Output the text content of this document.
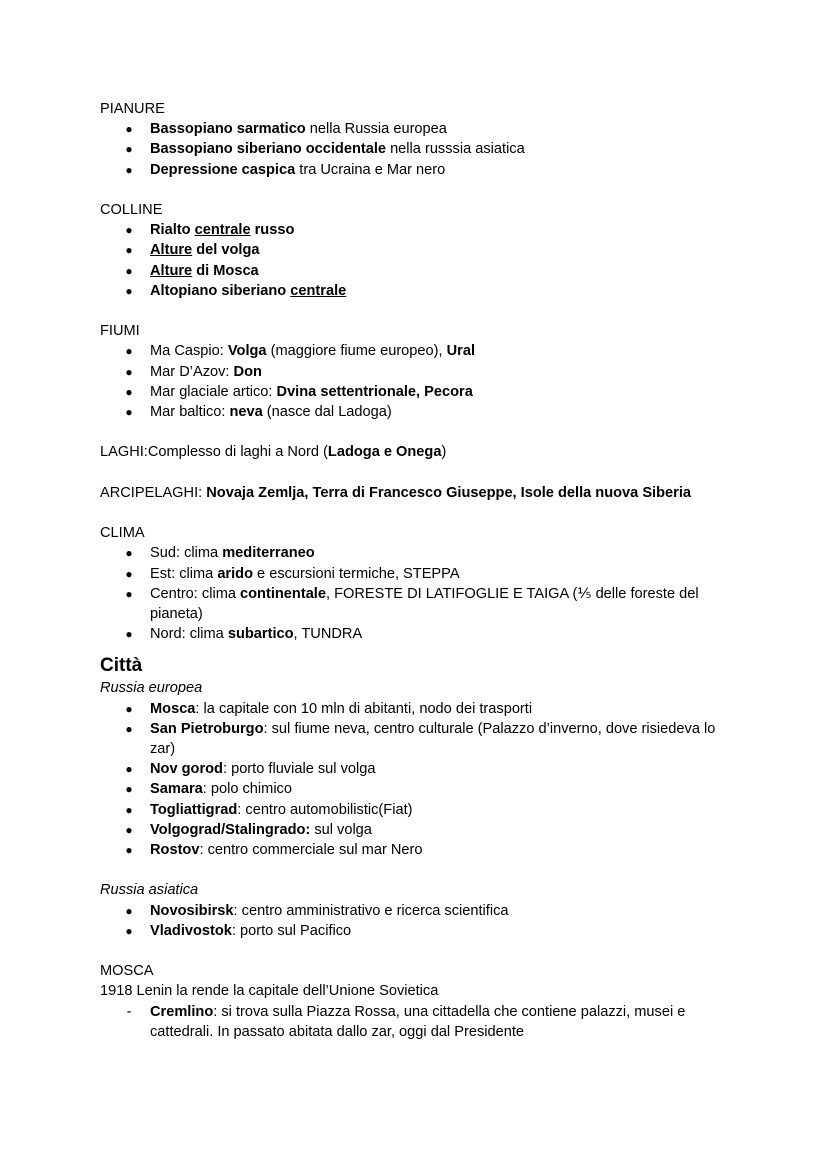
PIANURE

● Bassopiano sarmatico nella Russia europea
● Bassopiano siberiano occidentale nella russsia asiatica
● Depressione caspica tra Ucraina e Mar nero

COLLINE

● Rialto centrale russo
● Alture del volga
● Alture di Mosca
● Altopiano siberiano centrale

FIUMI

● Ma Caspio: Volga (maggiore fiume europeo), Ural
● Mar D’Azov: Don
● Mar glaciale artico: Dvina settentrionale, Pecora
● Mar baltico: neva (nasce dal Ladoga)

LAGHI:Complesso di laghi a Nord (Ladoga e Onega)

ARCIPELAGHI: Novaja Zemlja, Terra di Francesco Giuseppe, Isole della nuova Siberia

CLIMA

● Sud: clima mediterraneo
● Est: clima arido e escursioni termiche, STEPPA
● Centro: clima continentale, FORESTE DI LATIFOGLIE E TAIGA (⅕ delle foreste del pianeta)
● Nord: clima subartico, TUNDRA

Città

Russia europea

● Mosca: la capitale con 10 mln di abitanti, nodo dei trasporti
● San Pietroburgo: sul fiume neva, centro culturale (Palazzo d’inverno, dove risiedeva lo zar)
● Nov gorod: porto fluviale sul volga
● Samara: polo chimico
● Togliattigrad: centro automobilistic(Fiat)
● Volgograd/Stalingrado: sul volga
● Rostov: centro commerciale sul mar Nero

Russia asiatica

● Novosibirsk: centro amministrativo e ricerca scientifica
● Vladivostok: porto sul Pacifico

MOSCA

1918 Lenin la rende la capitale dell’Unione Sovietica

-	Cremlino: si trova sulla Piazza Rossa, una cittadella che contiene palazzi, musei e cattedrali. In passato abitata dallo zar, oggi dal Presidente
